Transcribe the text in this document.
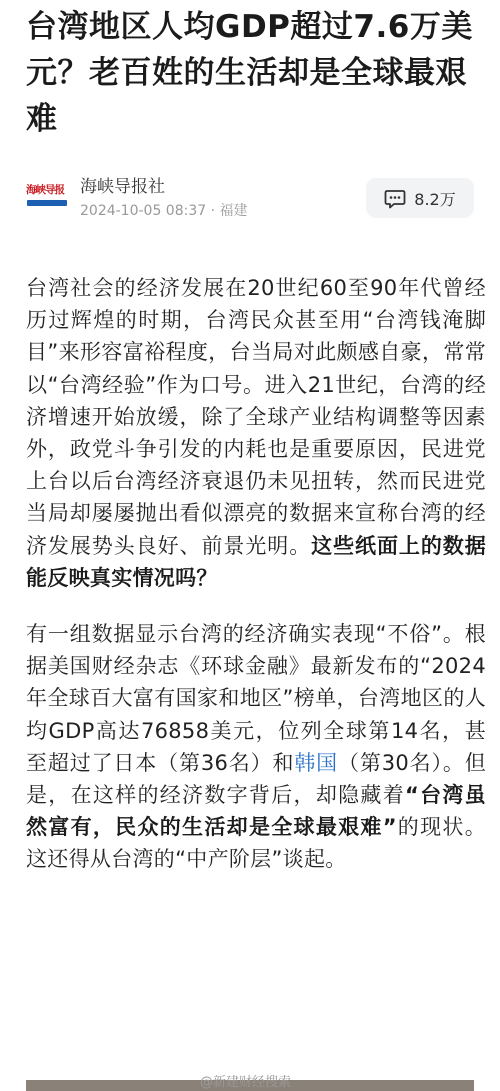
台湾地区人均GDP超过7.6万美元？老百姓的生活却是全球最艰难
海峡导报 海峡导报社
2024-10-05 08:37 · 福建
8.2万

台湾社会的经济发展在20世纪60至90年代曾经历过辉煌的时期，台湾民众甚至用“台湾钱淹脚目”来形容富裕程度，台当局对此颇感自豪，常常以“台湾经验”作为口号。进入21世纪，台湾的经济增速开始放缓，除了全球产业结构调整等因素外，政党斗争引发的内耗也是重要原因，民进党上台以后台湾经济衰退仍未见扭转，然而民进党当局却屡屡抛出看似漂亮的数据来宣称台湾的经济发展势头良好、前景光明。这些纸面上的数据能反映真实情况吗？

有一组数据显示台湾的经济确实表现“不俗”。根据美国财经杂志《环球金融》最新发布的“2024年全球百大富有国家和地区”榜单，台湾地区的人均GDP高达76858美元，位列全球第14名，甚至超过了日本（第36名）和韩国（第30名）。但是，在这样的经济数字背后，却隐藏着“台湾虽然富有，民众的生活却是全球最艰难”的现状。这还得从台湾的“中产阶层”谈起。

@新建财经搜索
